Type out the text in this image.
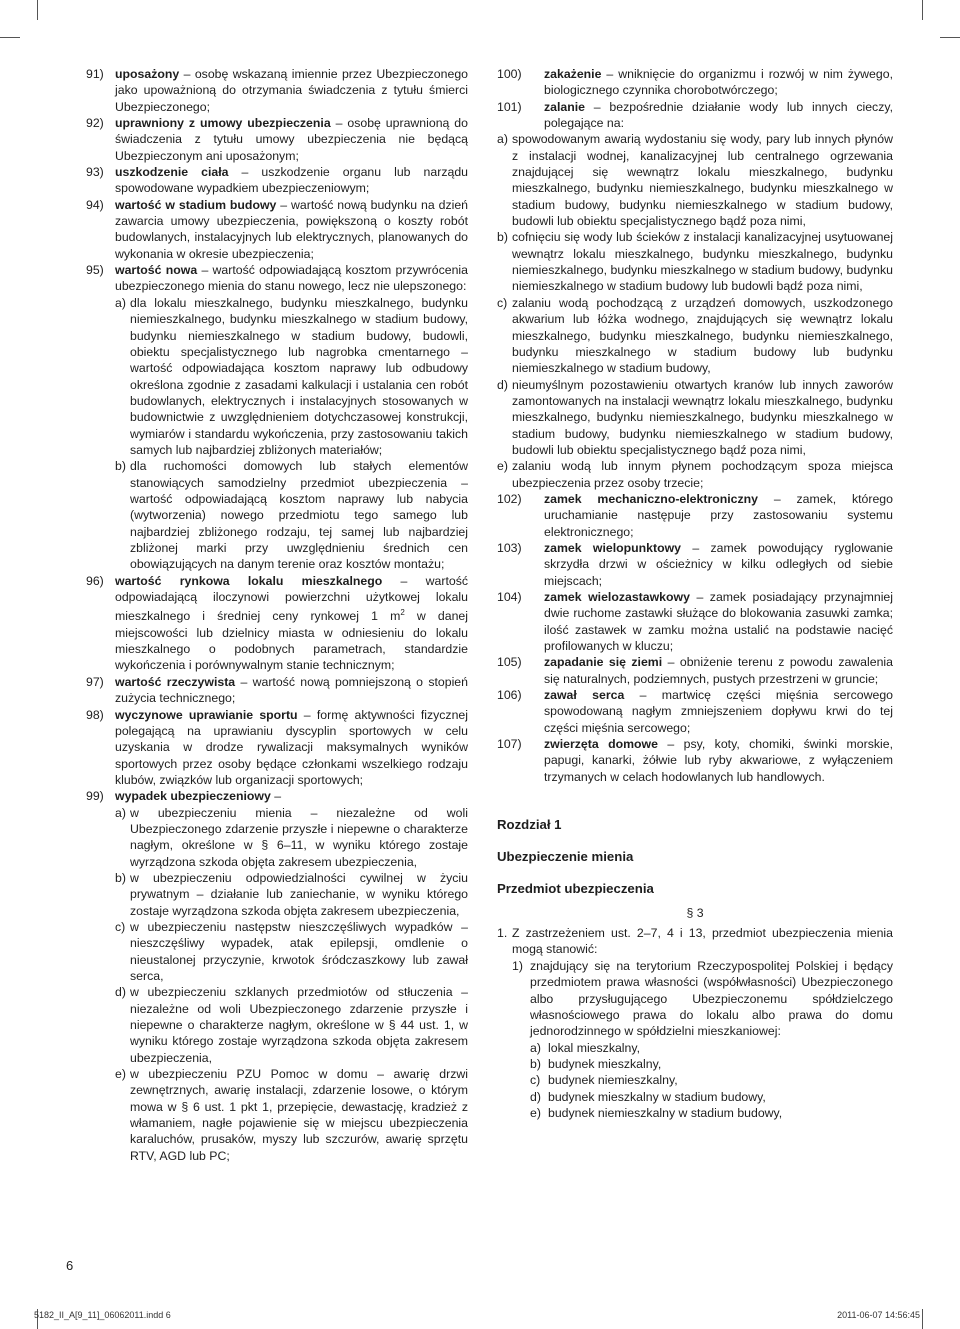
91) uposażony – osobę wskazaną imiennie przez Ubezpieczonego jako upoważnioną do otrzymania świadczenia z tytułu śmierci Ubezpieczonego;
92) uprawniony z umowy ubezpieczenia – osobę uprawnioną do świadczenia z tytułu umowy ubezpieczenia nie będącą Ubezpieczonym ani uposażonym;
93) uszkodzenie ciała – uszkodzenie organu lub narządu spowodowane wypadkiem ubezpieczeniowym;
94) wartość w stadium budowy – wartość nową budynku na dzień zawarcia umowy ubezpieczenia, powiększoną o koszty robót budowlanych, instalacyjnych lub elektrycznych, planowanych do wykonania w okresie ubezpieczenia;
95) wartość nowa – wartość odpowiadającą kosztom przywrócenia ubezpieczonego mienia do stanu nowego, lecz nie ulepszonego:
a) dla lokalu mieszkalnego, budynku mieszkalnego, budynku niemieszkalnego, budynku mieszkalnego w stadium budowy, budynku niemieszkalnego w stadium budowy, budowli, obiektu specjalistycznego lub nagrobka cmentarnego – wartość odpowiadająca kosztom naprawy lub odbudowy określona zgodnie z zasadami kalkulacji i ustalania cen robót budowlanych, elektrycznych i instalacyjnych stosowanych w budownictwie z uwzględnieniem dotychczasowej konstrukcji, wymiarów i standardu wykończenia, przy zastosowaniu takich samych lub najbardziej zbliżonych materiałów;
b) dla ruchomości domowych lub stałych elementów stanowiących samodzielny przedmiot ubezpieczenia – wartość odpowiadającą kosztom naprawy lub nabycia (wytworzenia) nowego przedmiotu tego samego lub najbardziej zbliżonego rodzaju, tej samej lub najbardziej zbliżonej marki przy uwzględnieniu średnich cen obowiązujących na danym terenie oraz kosztów montażu;
96) wartość rynkowa lokalu mieszkalnego – wartość odpowiadającą iloczynowi powierzchni użytkowej lokalu mieszkalnego i średniej ceny rynkowej 1 $m^2$ w danej miejscowości lub dzielnicy miasta w odniesieniu do lokalu mieszkalnego o podobnych parametrach, standardzie wykończenia i porównywalnym stanie technicznym;
97) wartość rzeczywista – wartość nową pomniejszoną o stopień zużycia technicznego;
98) wyczynowe uprawianie sportu – formę aktywności fizycznej polegającą na uprawianiu dyscyplin sportowych w celu uzyskania w drodze rywalizacji maksymalnych wyników sportowych przez osoby będące członkami wszelkiego rodzaju klubów, związków lub organizacji sportowych;
99) wypadek ubezpieczeniowy –
a) w ubezpieczeniu mienia – niezależne od woli Ubezpieczonego zdarzenie przyszłe i niepewne o charakterze nagłym, określone w § 6–11, w wyniku którego zostaje wyrządzona szkoda objęta zakresem ubezpieczenia,
b) w ubezpieczeniu odpowiedzialności cywilnej w życiu prywatnym – działanie lub zaniechanie, w wyniku którego zostaje wyrządzona szkoda objęta zakresem ubezpieczenia,
c) w ubezpieczeniu następstw nieszczęśliwych wypadków – nieszczęśliwy wypadek, atak epilepsji, omdlenie o nieustalonej przyczynie, krwotok śródczaszkowy lub zawał serca,
d) w ubezpieczeniu szklanych przedmiotów od stłuczenia – niezależne od woli Ubezpieczonego zdarzenie przyszłe i niepewne o charakterze nagłym, określone w § 44 ust. 1, w wyniku którego zostaje wyrządzona szkoda objęta zakresem ubezpieczenia,
e) w ubezpieczeniu PZU Pomoc w domu – awarię drzwi zewnętrznych, awarię instalacji, zdarzenie losowe, o którym mowa w § 6 ust. 1 pkt 1, przepięcie, dewastację, kradzież z włamaniem, nagłe pojawienie się w miejscu ubezpieczenia karaluchów, prusaków, myszy lub szczurów, awarię sprzętu RTV, AGD lub PC;
100) zakażenie – wniknięcie do organizmu i rozwój w nim żywego, biologicznego czynnika chorobotwórczego;
101) zalanie – bezpośrednie działanie wody lub innych cieczy, polegające na:
a) spowodowanym awarią wydostaniu się wody, pary lub innych płynów z instalacji wodnej, kanalizacyjnej lub centralnego ogrzewania znajdującej się wewnątrz lokalu mieszkalnego, budynku mieszkalnego, budynku niemieszkalnego, budynku mieszkalnego w stadium budowy, budynku niemieszkalnego w stadium budowy, budowli lub obiektu specjalistycznego bądź poza nimi,
b) cofnięciu się wody lub ścieków z instalacji kanalizacyjnej usytuowanej wewnątrz lokalu mieszkalnego, budynku mieszkalnego, budynku niemieszkalnego, budynku mieszkalnego w stadium budowy, budynku niemieszkalnego w stadium budowy lub budowli bądź poza nimi,
c) zalaniu wodą pochodzącą z urządzeń domowych, uszkodzonego akwarium lub łóżka wodnego, znajdujących się wewnątrz lokalu mieszkalnego, budynku mieszkalnego, budynku niemieszkalnego, budynku mieszkalnego w stadium budowy lub budynku niemieszkalnego w stadium budowy,
d) nieumyślnym pozostawieniu otwartych kranów lub innych zaworów zamontowanych na instalacji wewnątrz lokalu mieszkalnego, budynku mieszkalnego, budynku niemieszkalnego, budynku mieszkalnego w stadium budowy, budynku niemieszkalnego w stadium budowy, budowli lub obiektu specjalistycznego bądź poza nimi,
e) zalaniu wodą lub innym płynem pochodzącym spoza miejsca ubezpieczenia przez osoby trzecie;
102) zamek mechaniczno-elektroniczny – zamek, którego uruchamianie następuje przy zastosowaniu systemu elektronicznego;
103) zamek wielopunktowy – zamek powodujący ryglowanie skrzydła drzwi w ościeżnicy w kilku odległych od siebie miejscach;
104) zamek wielozastawkowy – zamek posiadający przynajmniej dwie ruchome zastawki służące do blokowania zasuwki zamka; ilość zastawek w zamku można ustalić na podstawie nacięć profilowanych w kluczu;
105) zapadanie się ziemi – obniżenie terenu z powodu zawalenia się naturalnych, podziemnych, pustych przestrzeni w gruncie;
106) zawał serca – martwicę części mięśnia sercowego spowodowaną nagłym zmniejszeniem dopływu krwi do tej części mięśnia sercowego;
107) zwierzęta domowe – psy, koty, chomiki, świnki morskie, papugi, kanarki, żółwie lub ryby akwariowe, z wyłączeniem trzymanych w celach hodowlanych lub handlowych.
Rozdział 1
Ubezpieczenie mienia
Przedmiot ubezpieczenia
§ 3
1. Z zastrzeżeniem ust. 2–7, 4 i 13, przedmiot ubezpieczenia mienia mogą stanowić:
1) znajdujący się na terytorium Rzeczypospolitej Polskiej i będący przedmiotem prawa własności (współwłasności) Ubezpieczonego albo przysługującego Ubezpieczonemu spółdzielczego własnościowego prawa do lokalu albo prawa do domu jednorodzinnego w spółdzielni mieszkaniowej:
a) lokal mieszkalny,
b) budynek mieszkalny,
c) budynek niemieszkalny,
d) budynek mieszkalny w stadium budowy,
e) budynek niemieszkalny w stadium budowy,
6
5182_II_A[9_11]_06062011.indd 6	2011-06-07 14:56:45
